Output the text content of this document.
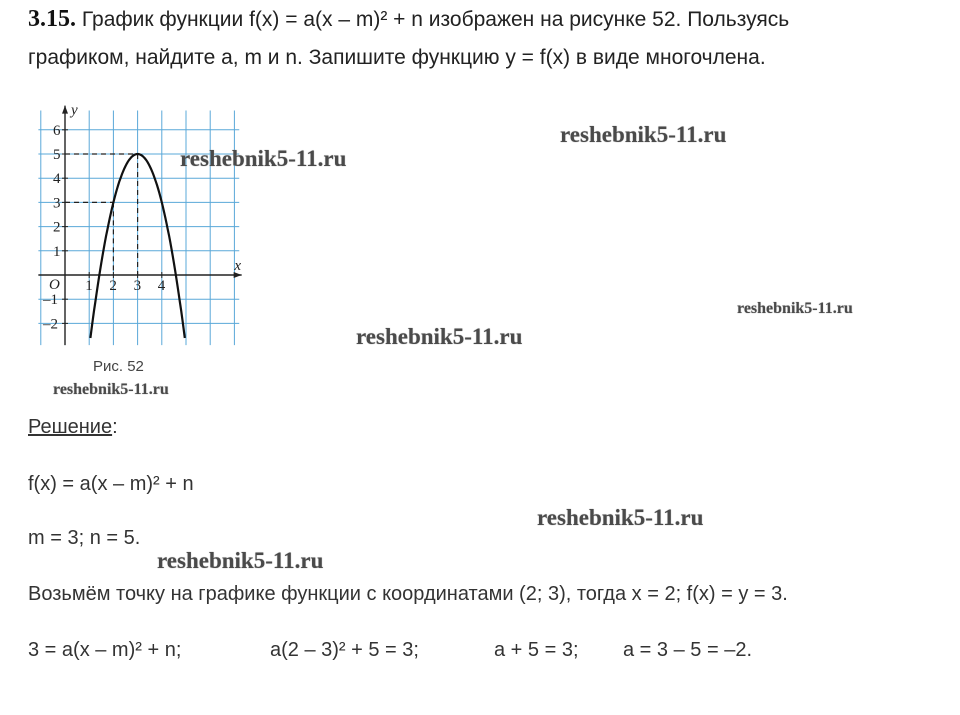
3.15. График функции f(x) = a(x – m)² + n изображен на рисунке 52. Пользуясь
графиком, найдите a, m и n. Запишите функцию y = f(x) в виде многочлена.
x
y
O
6
5
4
3
2
1
–1
–2
1 2 3 4
Рис. 52
reshebnik5-11.ru
reshebnik5-11.ru
reshebnik5-11.ru
reshebnik5-11.ru
reshebnik5-11.ru
reshebnik5-11.ru
reshebnik5-11.ru
Решение:
f(x) = a(x – m)² + n
m = 3; n = 5.
Возьмём точку на графике функции с координатами (2; 3), тогда x = 2; f(x) = y = 3.
3 = a(x – m)² + n;	a(2 – 3)² + 5 = 3;	a + 5 = 3; a = 3 – 5 = –2.
